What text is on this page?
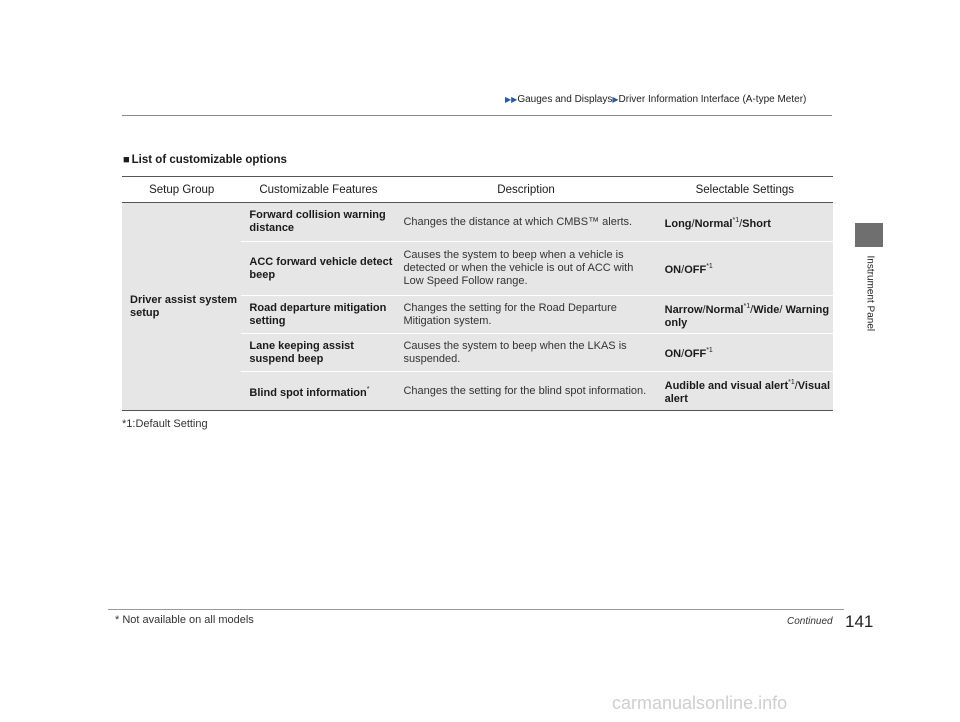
▶▶Gauges and Displays▶Driver Information Interface (A-type Meter)
Instrument Panel
■ List of customizable options
Setup Group	Customizable Features	Description	Selectable Settings
Driver assist system setup	Forward collision warning distance	Changes the distance at which CMBS™ alerts.	Long/Normal$^{*1}$/Short
	ACC forward vehicle detect beep	Causes the system to beep when a vehicle is detected or when the vehicle is out of ACC with Low Speed Follow range.	ON/OFF$^{*1}$
	Road departure mitigation setting	Changes the setting for the Road Departure Mitigation system.	Narrow/Normal$^{*1}$/Wide/ Warning only
	Lane keeping assist suspend beep	Causes the system to beep when the LKAS is suspended.	ON/OFF$^{*1}$
	Blind spot information*	Changes the setting for the blind spot information.	Audible and visual alert$^{*1}$/Visual alert
*1:Default Setting
* Not available on all models	Continued 141
carmanualsonline.info
